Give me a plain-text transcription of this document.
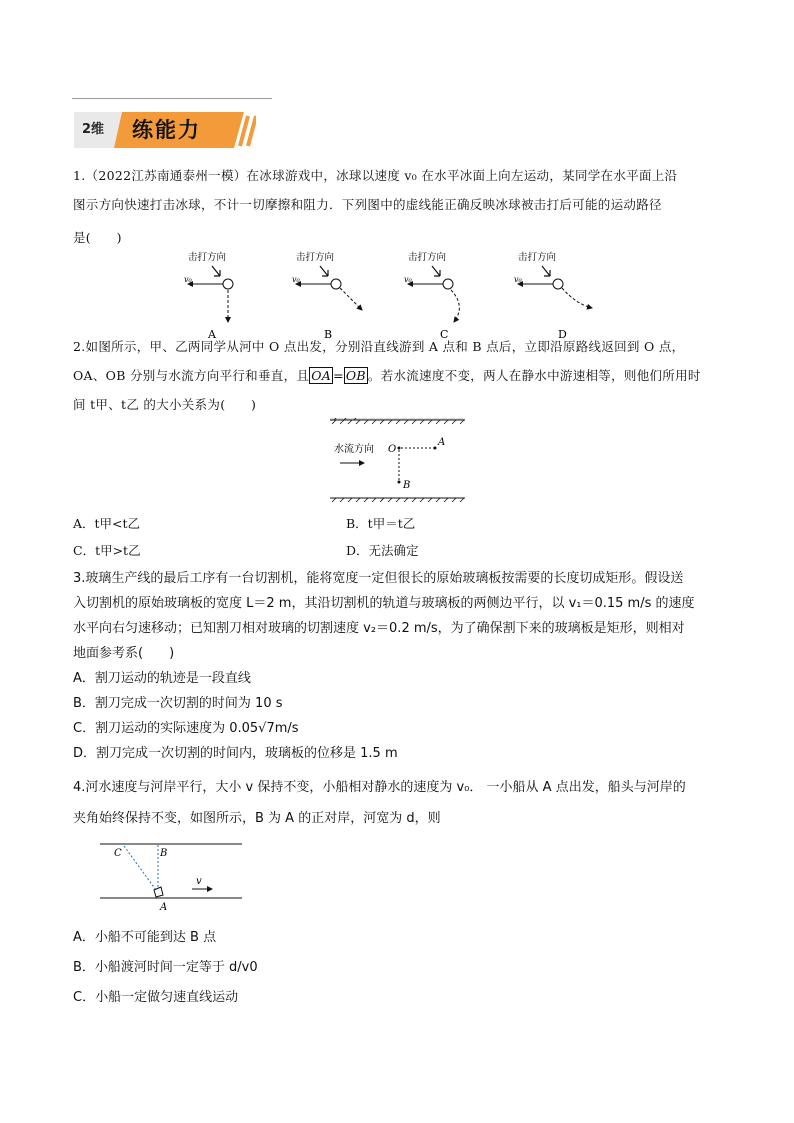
2维 练能力
1.（2022江苏南通泰州一模）在冰球游戏中，冰球以速度 v₀ 在水平冰面上向左运动，某同学在水平面上沿
图示方向快速打击冰球，不计一切摩擦和阻力．下列图中的虚线能正确反映冰球被击打后可能的运动路径
是(　　)
击打方向
v₀
A
击打方向
v₀
B
击打方向
v₀
C
击打方向
v₀
D
2.如图所示，甲、乙两同学从河中 O 点出发，分别沿直线游到 A 点和 B 点后，立即沿原路线返回到 O 点，
OA、OB 分别与水流方向平行和垂直，且 OA = OB 。若水流速度不变，两人在静水中游速相等，则他们所用时
间 t甲、t乙 的大小关系为(　　)
水流方向 O
A
B
A．t甲<t乙	B．t甲＝t乙
C．t甲>t乙	D．无法确定
3.玻璃生产线的最后工序有一台切割机，能将宽度一定但很长的原始玻璃板按需要的长度切成矩形。假设送
入切割机的原始玻璃板的宽度 L＝2 m，其沿切割机的轨道与玻璃板的两侧边平行，以 v₁＝0.15 m/s 的速度
水平向右匀速移动；已知割刀相对玻璃的切割速度 v₂＝0.2 m/s，为了确保割下来的玻璃板是矩形，则相对
地面参考系(　　)
A．割刀运动的轨迹是一段直线
B．割刀完成一次切割的时间为 10 s
C．割刀运动的实际速度为 0.05√7m/s
D．割刀完成一次切割的时间内，玻璃板的位移是 1.5 m
4.河水速度与河岸平行，大小 v 保持不变，小船相对静水的速度为 v₀． 一小船从 A 点出发，船头与河岸的
夹角始终保持不变，如图所示，B 为 A 的正对岸，河宽为 d，则
C	B
A
v
A．小船不可能到达 B 点
B．小船渡河时间一定等于 d/v0
C．小船一定做匀速直线运动
